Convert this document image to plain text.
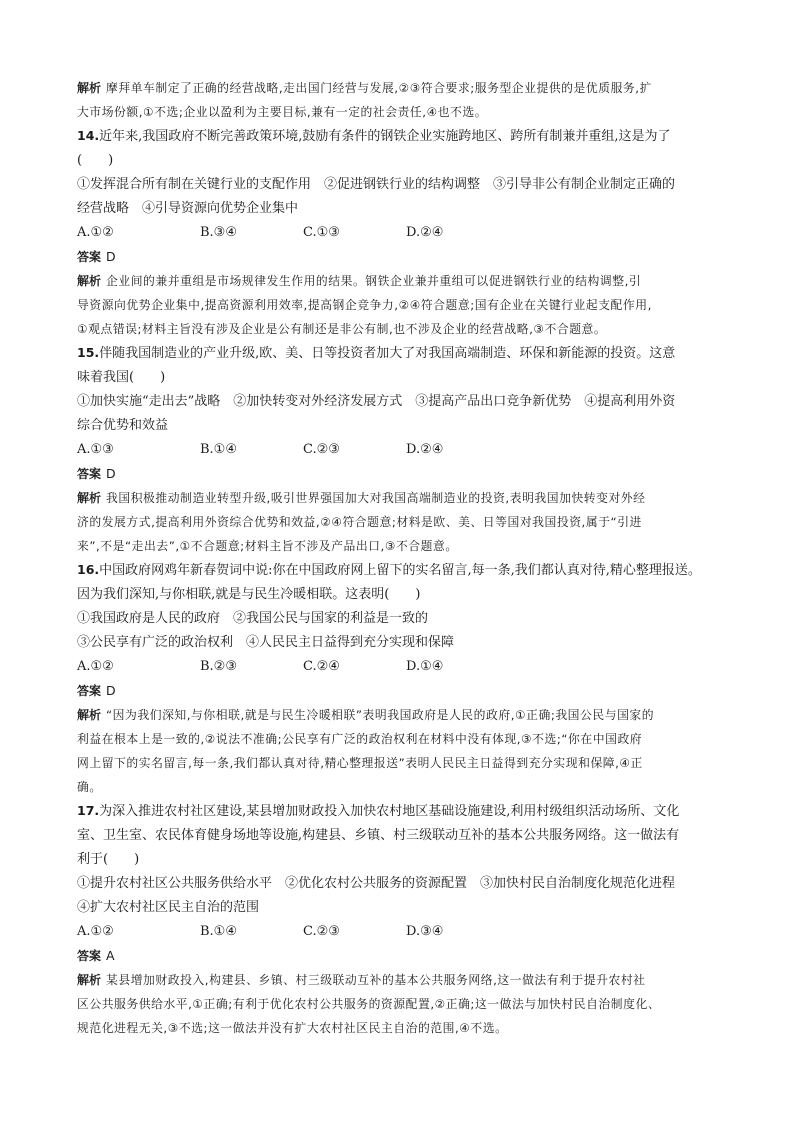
解析 摩拜单车制定了正确的经营战略,走出国门经营与发展,②③符合要求;服务型企业提供的是优质服务,扩
大市场份额,①不选;企业以盈利为主要目标,兼有一定的社会责任,④也不选。
14.近年来,我国政府不断完善政策环境,鼓励有条件的钢铁企业实施跨地区、跨所有制兼并重组,这是为了
(　　)
①发挥混合所有制在关键行业的支配作用　②促进钢铁行业的结构调整　③引导非公有制企业制定正确的
经营战略　④引导资源向优势企业集中
A.①②	B.③④	C.①③	D.②④
答案 D
解析 企业间的兼并重组是市场规律发生作用的结果。钢铁企业兼并重组可以促进钢铁行业的结构调整,引
导资源向优势企业集中,提高资源利用效率,提高钢企竞争力,②④符合题意;国有企业在关键行业起支配作用,
①观点错误;材料主旨没有涉及企业是公有制还是非公有制,也不涉及企业的经营战略,③不合题意。
15.伴随我国制造业的产业升级,欧、美、日等投资者加大了对我国高端制造、环保和新能源的投资。这意
味着我国(　　)
①加快实施“走出去”战略　②加快转变对外经济发展方式　③提高产品出口竞争新优势　④提高利用外资
综合优势和效益
A.①③	B.①④	C.②③	D.②④
答案 D
解析 我国积极推动制造业转型升级,吸引世界强国加大对我国高端制造业的投资,表明我国加快转变对外经
济的发展方式,提高利用外资综合优势和效益,②④符合题意;材料是欧、美、日等国对我国投资,属于“引进
来”,不是“走出去”,①不合题意;材料主旨不涉及产品出口,③不合题意。
16.中国政府网鸡年新春贺词中说:你在中国政府网上留下的实名留言,每一条,我们都认真对待,精心整理报送。
因为我们深知,与你相联,就是与民生冷暖相联。这表明(　　)
①我国政府是人民的政府　②我国公民与国家的利益是一致的
③公民享有广泛的政治权利　④人民民主日益得到充分实现和保障
A.①②	B.②③	C.②④	D.①④
答案 D
解析 “因为我们深知,与你相联,就是与民生冷暖相联”表明我国政府是人民的政府,①正确;我国公民与国家的
利益在根本上是一致的,②说法不准确;公民享有广泛的政治权利在材料中没有体现,③不选;“你在中国政府
网上留下的实名留言,每一条,我们都认真对待,精心整理报送”表明人民民主日益得到充分实现和保障,④正
确。
17.为深入推进农村社区建设,某县增加财政投入加快农村地区基础设施建设,利用村级组织活动场所、文化
室、卫生室、农民体育健身场地等设施,构建县、乡镇、村三级联动互补的基本公共服务网络。这一做法有
利于(　　)
①提升农村社区公共服务供给水平　②优化农村公共服务的资源配置　③加快村民自治制度化规范化进程
④扩大农村社区民主自治的范围
A.①②	B.①④	C.②③	D.③④
答案 A
解析 某县增加财政投入,构建县、乡镇、村三级联动互补的基本公共服务网络,这一做法有利于提升农村社
区公共服务供给水平,①正确;有利于优化农村公共服务的资源配置,②正确;这一做法与加快村民自治制度化、
规范化进程无关,③不选;这一做法并没有扩大农村社区民主自治的范围,④不选。
